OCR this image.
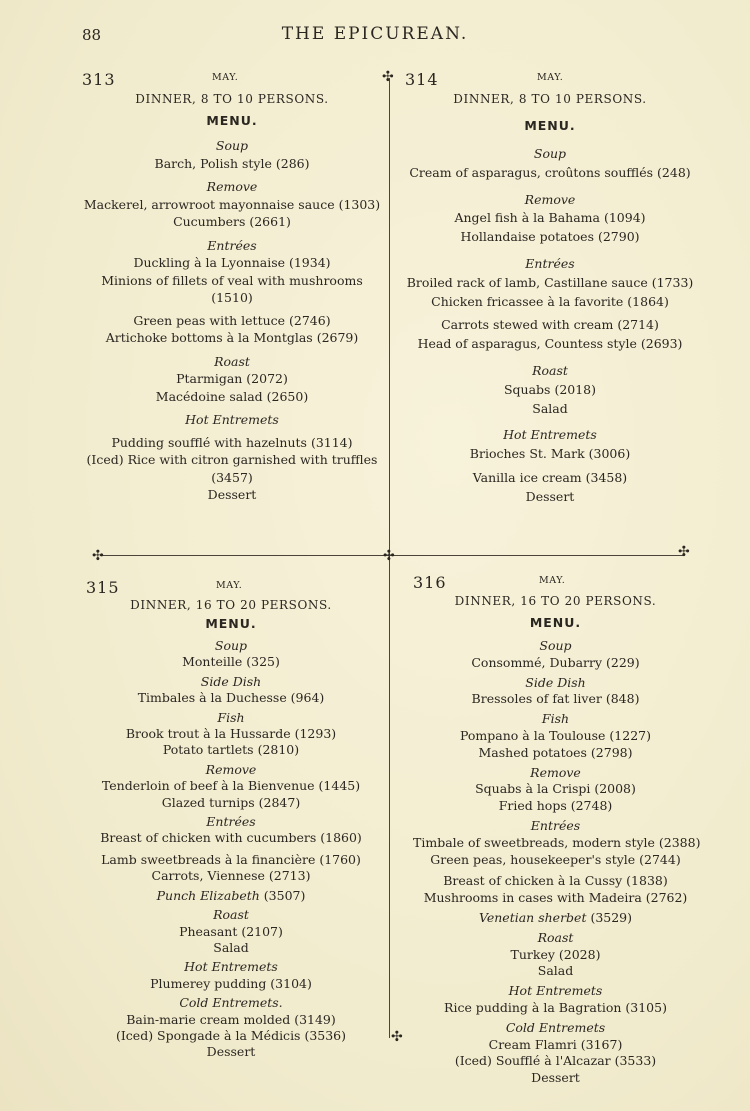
88	THE EPICUREAN.
✣
✣	✣	✣
✣
313	MAY.
DINNER, 8 TO 10 PERSONS.
MENU.
Soup
Barch, Polish style (286)
Remove
Mackerel, arrowroot mayonnaise sauce (1303)
Cucumbers (2661)
Entrées
Duckling à la Lyonnaise (1934)
Minions of fillets of veal with mushrooms
(1510)
Green peas with lettuce (2746)
Artichoke bottoms à la Montglas (2679)
Roast
Ptarmigan (2072)
Macédoine salad (2650)
Hot Entremets
Pudding soufflé with hazelnuts (3114)
(Iced) Rice with citron garnished with truffles
(3457)
Dessert
314	MAY.
DINNER, 8 TO 10 PERSONS.
MENU.
Soup
Cream of asparagus, croûtons soufflés (248)
Remove
Angel fish à la Bahama (1094)
Hollandaise potatoes (2790)
Entrées
Broiled rack of lamb, Castillane sauce (1733)
Chicken fricassee à la favorite (1864)
Carrots stewed with cream (2714)
Head of asparagus, Countess style (2693)
Roast
Squabs (2018)
Salad
Hot Entremets
Brioches St. Mark (3006)
Vanilla ice cream (3458)
Dessert
315	MAY.
DINNER, 16 TO 20 PERSONS.
MENU.
Soup
Monteille (325)
Side Dish
Timbales à la Duchesse (964)
Fish
Brook trout à la Hussarde (1293)
Potato tartlets (2810)
Remove
Tenderloin of beef à la Bienvenue (1445)
Glazed turnips (2847)
Entrées
Breast of chicken with cucumbers (1860)
Lamb sweetbreads à la financière (1760)
Carrots, Viennese (2713)
Punch Elizabeth (3507)
Roast
Pheasant (2107)
Salad
Hot Entremets
Plumerey pudding (3104)
Cold Entremets.
Bain-marie cream molded (3149)
(Iced) Spongade à la Médicis (3536)
Dessert
316	MAY.
DINNER, 16 TO 20 PERSONS.
MENU.
Soup
Consommé, Dubarry (229)
Side Dish
Bressoles of fat liver (848)
Fish
Pompano à la Toulouse (1227)
Mashed potatoes (2798)
Remove
Squabs à la Crispi (2008)
Fried hops (2748)
Entrées
Timbale of sweetbreads, modern style (2388)
Green peas, housekeeper's style (2744)
Breast of chicken à la Cussy (1838)
Mushrooms in cases with Madeira (2762)
Venetian sherbet (3529)
Roast
Turkey (2028)
Salad
Hot Entremets
Rice pudding à la Bagration (3105)
Cold Entremets
Cream Flamri (3167)
(Iced) Soufflé à l'Alcazar (3533)
Dessert
